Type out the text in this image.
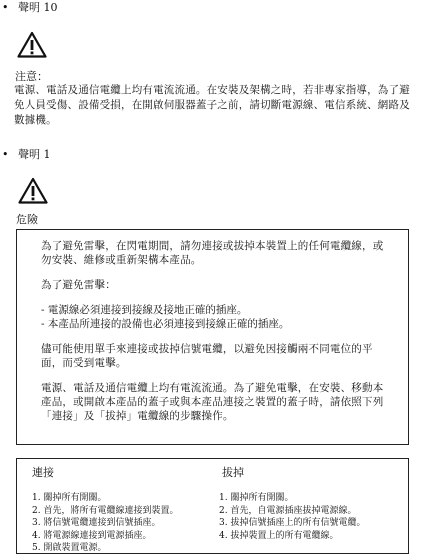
• 聲明 10
注意：
電源、電話及通信電纜上均有電流流通。在安裝及架構之時，若非專家指導，為了避免人員受傷、設備受損，在開啟伺服器蓋子之前，請切斷電源線、電信系統、網路及數據機。
• 聲明 1
危險

為了避免雷擊，在閃電期間，請勿連接或拔掉本裝置上的任何電纜線，或勿安裝、維修或重新架構本產品。

為了避免雷擊：

- 電源線必須連接到接線及接地正確的插座。
- 本產品所連接的設備也必須連接到接線正確的插座。

儘可能使用單手來連接或拔掉信號電纜，以避免因接觸兩不同電位的平面，而受到電擊。

電源、電話及通信電纜上均有電流流通。為了避免電擊，在安裝、移動本產品，或開啟本產品的蓋子或與本產品連接之裝置的蓋子時，請依照下列「連接」及「拔掉」電纜線的步驟操作。

連接
1. 關掉所有開關。
2. 首先，將所有電纜線連接到裝置。
3. 將信號電纜連接到信號插座。
4. 將電源線連接到電源插座。
5. 開啟裝置電源。
拔掉
1. 關掉所有開關。
2. 首先，自電源插座拔掉電源線。
3. 拔掉信號插座上的所有信號電纜。
4. 拔掉裝置上的所有電纜線。
